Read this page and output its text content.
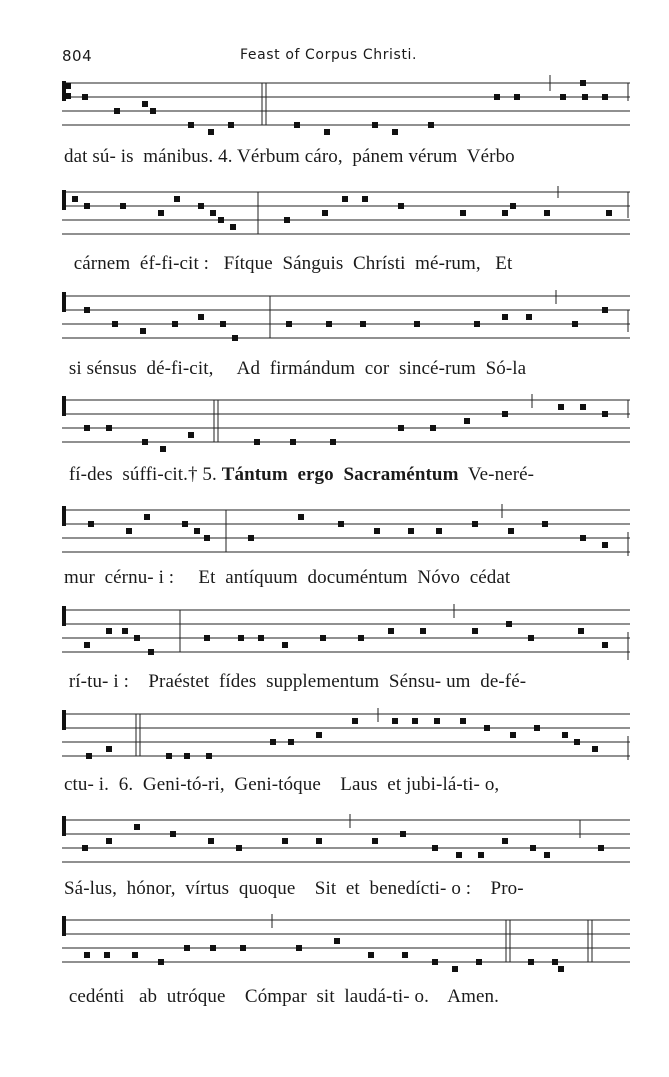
804	Feast of Corpus Christi.
dat sú- is  mánibus. 4. Vérbum cáro,  pánem vérum  Vérbo
cárnem  éf-fi-cit :   Fítque  Sánguis  Chrísti  mé-rum,   Et
si sénsus  dé-fi-cit,     Ad  firmándum  cor  sincé-rum  Só-la
fí-des  súffi-cit.† 5. Tántum  ergo  Sacraméntum  Ve-neré-
mur  cérnu- i :     Et  antíquum  documéntum  Nóvo  cédat
rí-tu- i :    Praéstet  fídes  supplementum  Sénsu- um  de-fé-
ctu- i.  6.  Geni-tó-ri,  Geni-tóque    Laus  et jubi-lá-ti- o,
Sá-lus,  hónor,  vírtus  quoque    Sit  et  benedícti- o :    Pro-
cedénti   ab  utróque    Cómpar  sit  laudá-ti- o.    Amen.
